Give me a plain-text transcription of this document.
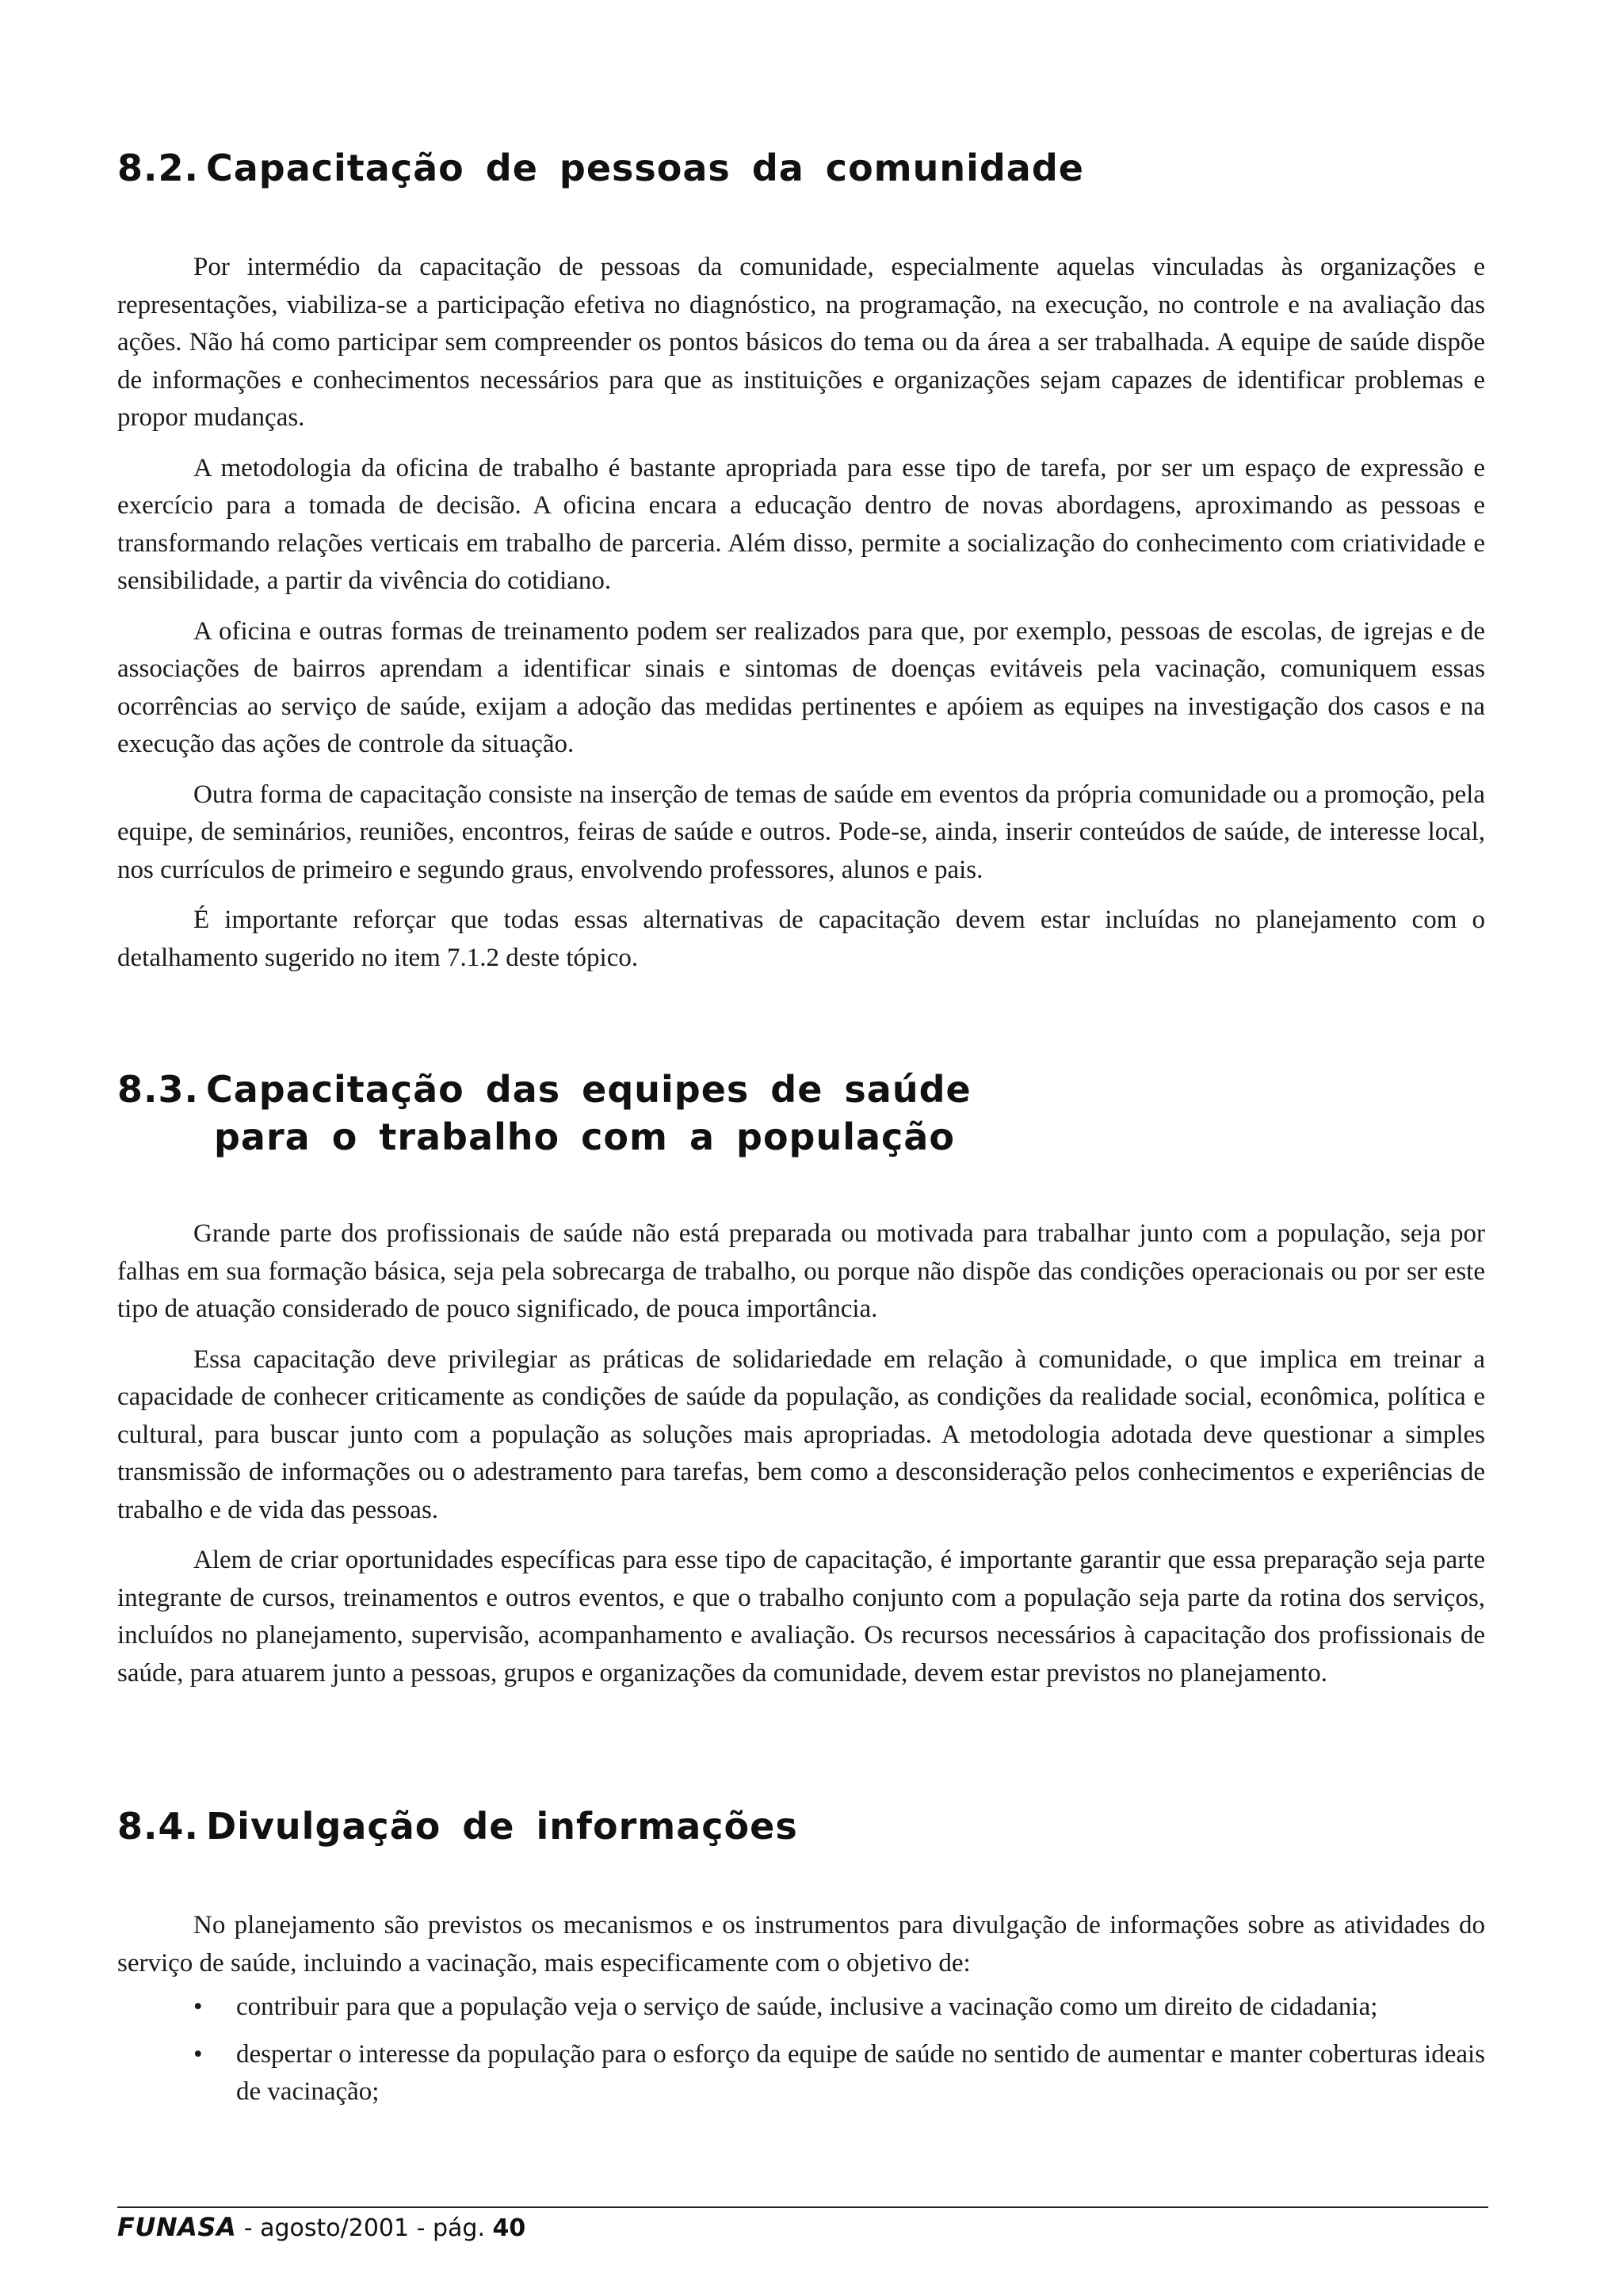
8.2. Capacitação de pessoas da comunidade

Por intermédio da capacitação de pessoas da comunidade, especialmente aquelas vinculadas às organizações e representações, viabiliza-se a participação efetiva no diagnóstico, na programação, na execução, no controle e na avaliação das ações. Não há como participar sem compreender os pontos básicos do tema ou da área a ser trabalhada. A equipe de saúde dispõe de informações e conhecimentos necessários para que as instituições e organizações sejam capazes de identificar problemas e propor mudanças.

A metodologia da oficina de trabalho é bastante apropriada para esse tipo de tarefa, por ser um espaço de expressão e exercício para a tomada de decisão. A oficina encara a educação dentro de novas abordagens, aproximando as pessoas e transformando relações verticais em trabalho de parceria. Além disso, permite a socialização do conhecimento com criatividade e sensibilidade, a partir da vivência do cotidiano.

A oficina e outras formas de treinamento podem ser realizados para que, por exemplo, pessoas de escolas, de igrejas e de associações de bairros aprendam a identificar sinais e sintomas de doenças evitáveis pela vacinação, comuniquem essas ocorrências ao serviço de saúde, exijam a adoção das medidas pertinentes e apóiem as equipes na investigação dos casos e na execução das ações de controle da situação.

Outra forma de capacitação consiste na inserção de temas de saúde em eventos da própria comunidade ou a promoção, pela equipe, de seminários, reuniões, encontros, feiras de saúde e outros. Pode-se, ainda, inserir conteúdos de saúde, de interesse local, nos currículos de primeiro e segundo graus, envolvendo professores, alunos e pais.

É importante reforçar que todas essas alternativas de capacitação devem estar incluídas no planejamento com o detalhamento sugerido no item 7.1.2 deste tópico.

8.3. Capacitação das equipes de saúde
para o trabalho com a população

Grande parte dos profissionais de saúde não está preparada ou motivada para trabalhar junto com a população, seja por falhas em sua formação básica, seja pela sobrecarga de trabalho, ou porque não dispõe das condições operacionais ou por ser este tipo de atuação considerado de pouco significado, de pouca importância.

Essa capacitação deve privilegiar as práticas de solidariedade em relação à comunidade, o que implica em treinar a capacidade de conhecer criticamente as condições de saúde da população, as condições da realidade social, econômica, política e cultural, para buscar junto com a população as soluções mais apropriadas. A metodologia adotada deve questionar a simples transmissão de informações ou o adestramento para tarefas, bem como a desconsideração pelos conhecimentos e experiências de trabalho e de vida das pessoas.

Alem de criar oportunidades específicas para esse tipo de capacitação, é importante garantir que essa preparação seja parte integrante de cursos, treinamentos e outros eventos, e que o trabalho conjunto com a população seja parte da rotina dos serviços, incluídos no planejamento, supervisão, acompanhamento e avaliação. Os recursos necessários à capacitação dos profissionais de saúde, para atuarem junto a pessoas, grupos e organizações da comunidade, devem estar previstos no planejamento.

8.4. Divulgação de informações

No planejamento são previstos os mecanismos e os instrumentos para divulgação de informações sobre as atividades do serviço de saúde, incluindo a vacinação, mais especificamente com o objetivo de:

• contribuir para que a população veja o serviço de saúde, inclusive a vacinação como um direito de cidadania;
• despertar o interesse da população para o esforço da equipe de saúde no sentido de aumentar e manter coberturas ideais de vacinação;
FUNASA - agosto/2001 - pág. 40
